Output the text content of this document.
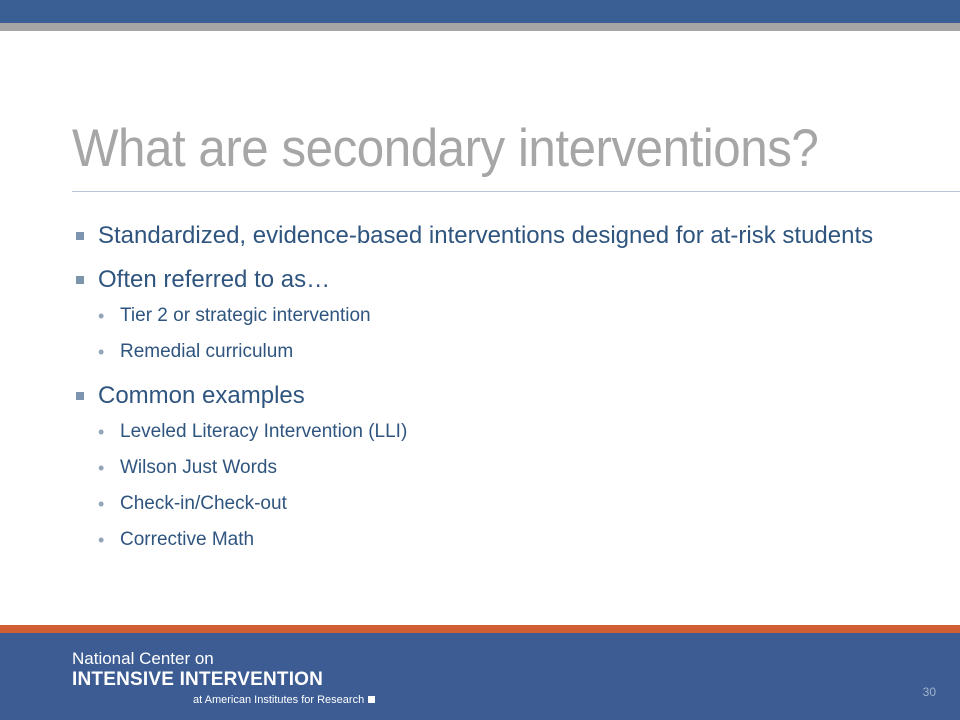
What are secondary interventions?

Standardized, evidence-based interventions designed for at-risk students

Often referred to as…

• Tier 2 or strategic intervention

• Remedial curriculum

Common examples

• Leveled Literacy Intervention (LLI)

• Wilson Just Words

• Check-in/Check-out

• Corrective Math

National Center on
INTENSIVE INTERVENTION
at American Institutes for Research
30
